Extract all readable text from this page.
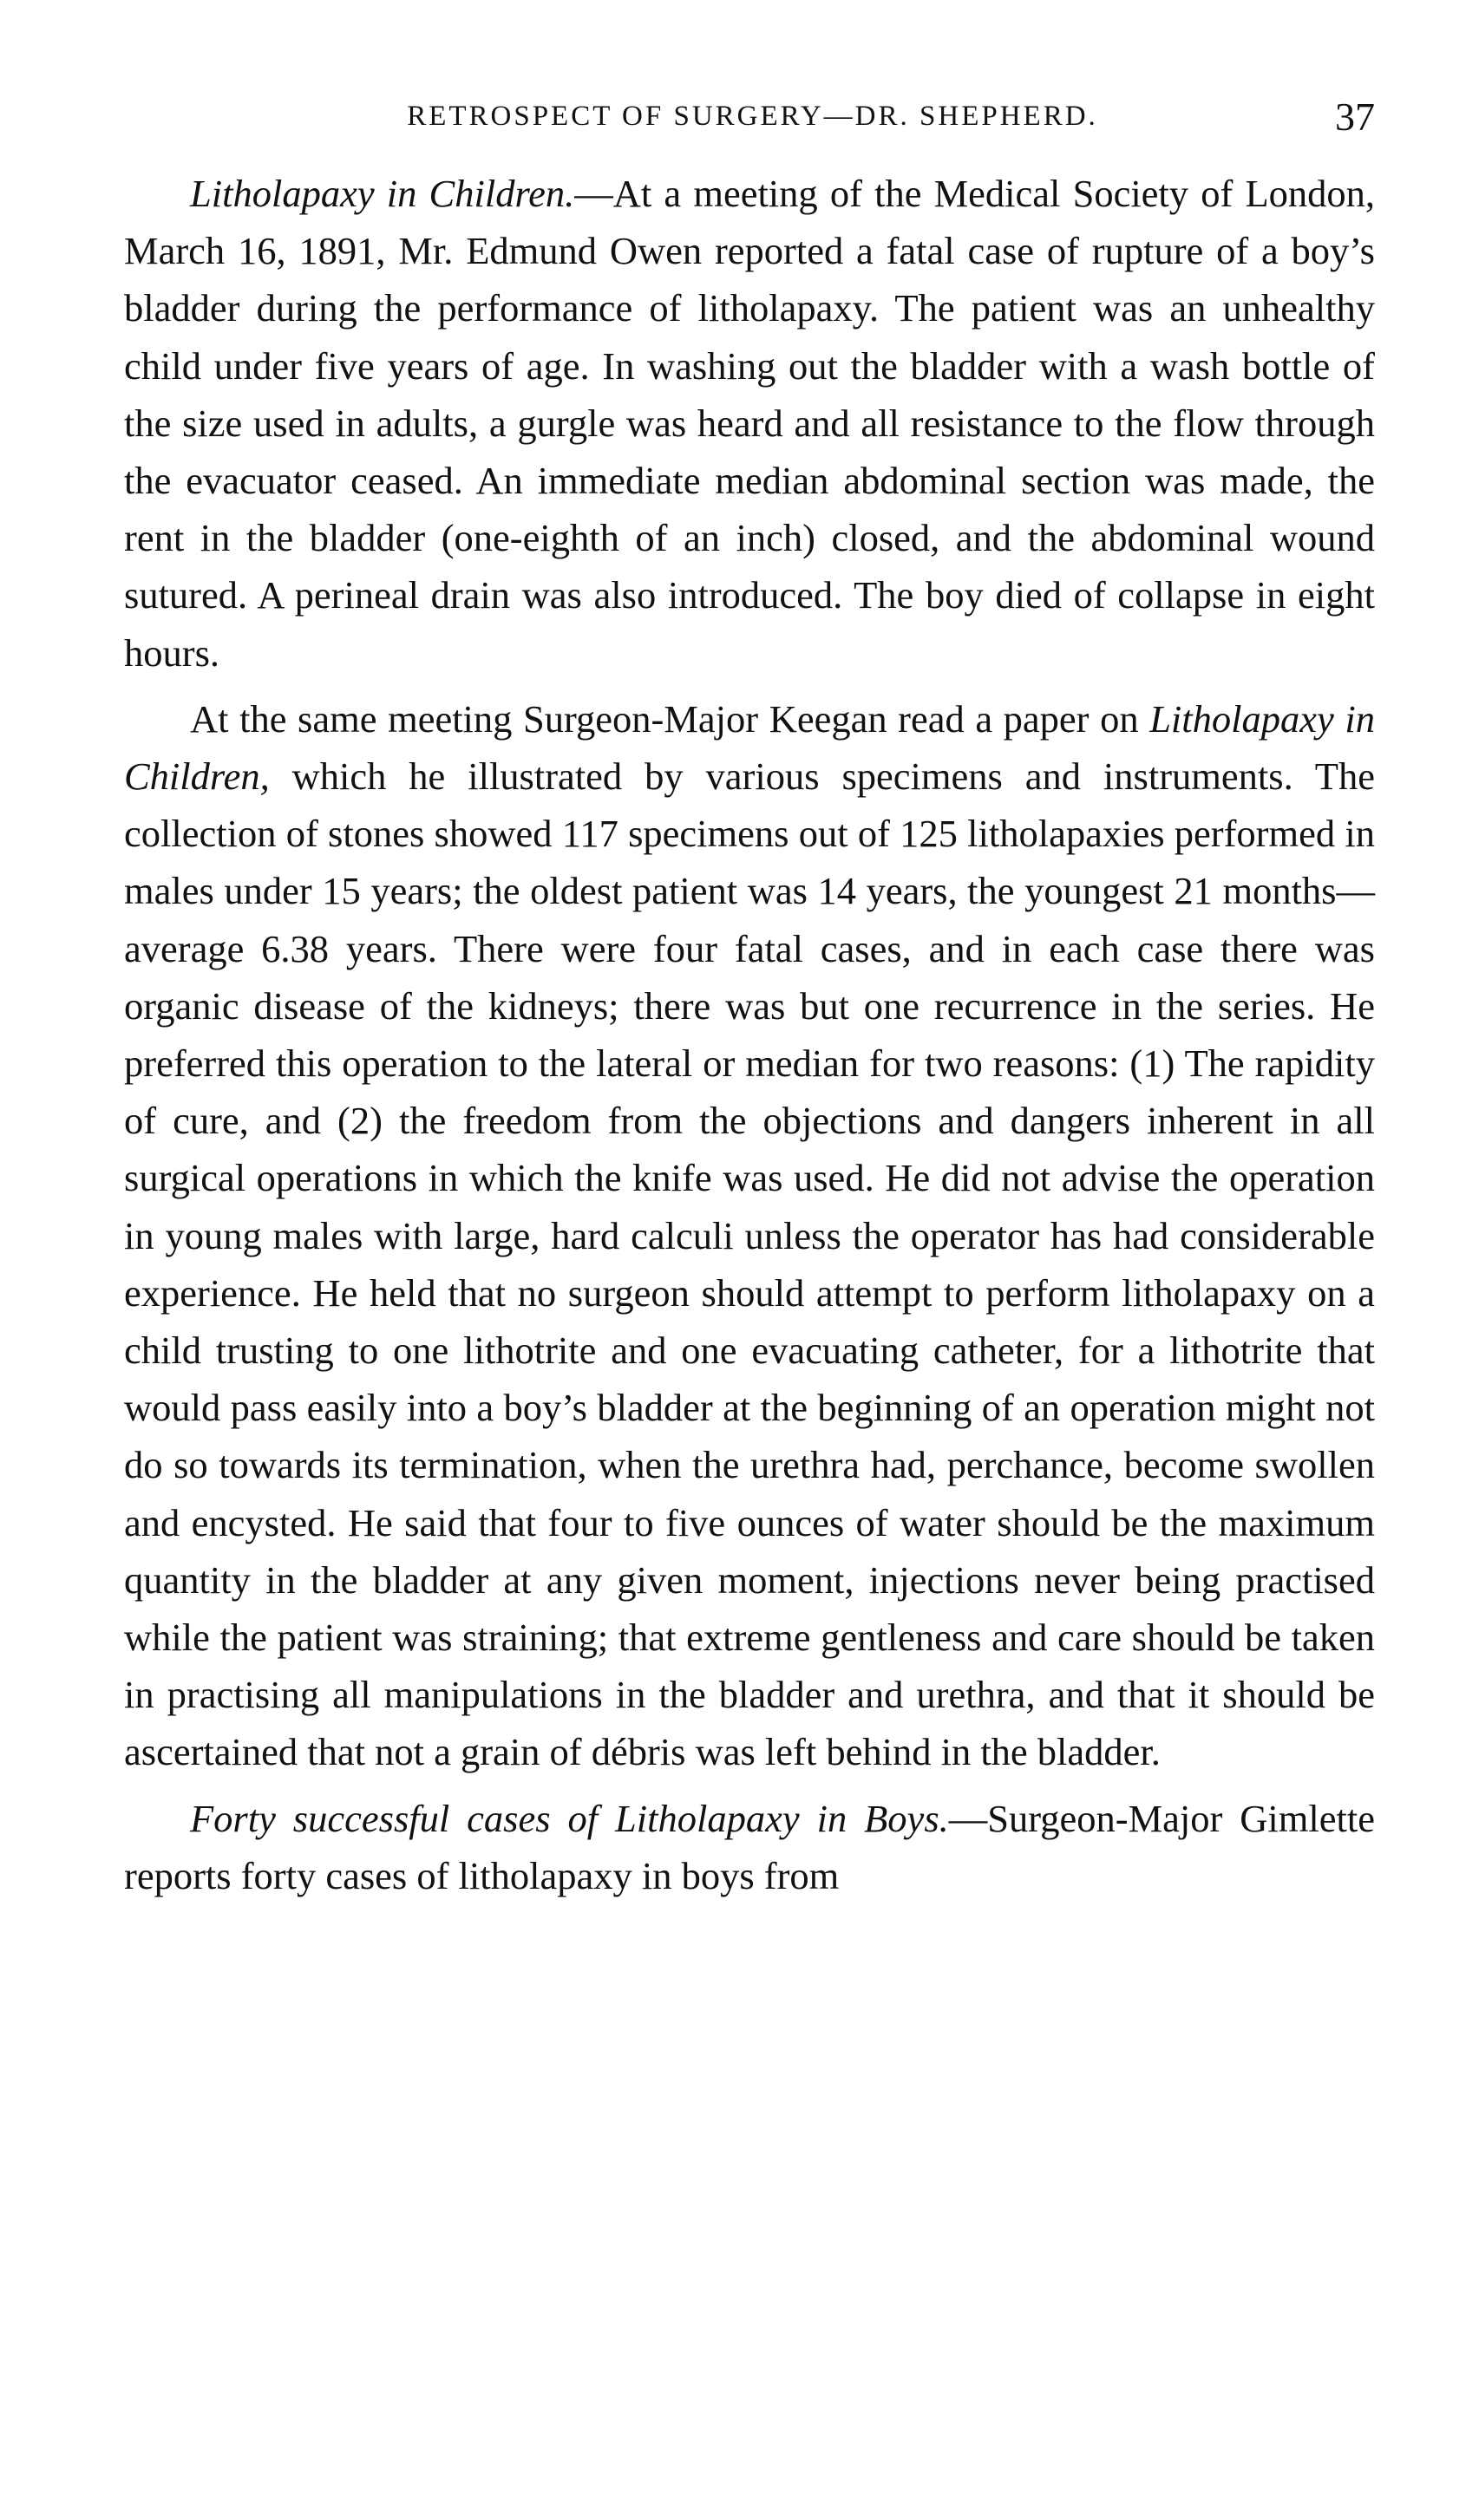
RETROSPECT OF SURGERY—DR. SHEPHERD.	37

Litholapaxy in Children.—At a meeting of the Medical Society of London, March 16, 1891, Mr. Edmund Owen reported a fatal case of rupture of a boy’s bladder during the performance of litholapaxy. The patient was an unhealthy child under five years of age. In washing out the bladder with a wash bottle of the size used in adults, a gurgle was heard and all resistance to the flow through the evacuator ceased. An immediate median abdominal section was made, the rent in the bladder (one-eighth of an inch) closed, and the abdominal wound sutured. A perineal drain was also introduced. The boy died of collapse in eight hours.

At the same meeting Surgeon-Major Keegan read a paper on Litholapaxy in Children, which he illustrated by various specimens and instruments. The collection of stones showed 117 specimens out of 125 litholapaxies performed in males under 15 years; the oldest patient was 14 years, the youngest 21 months—average 6.38 years. There were four fatal cases, and in each case there was organic disease of the kidneys; there was but one recurrence in the series. He preferred this operation to the lateral or median for two reasons: (1) The rapidity of cure, and (2) the freedom from the objections and dangers inherent in all surgical operations in which the knife was used. He did not advise the operation in young males with large, hard calculi unless the operator has had considerable experience. He held that no surgeon should attempt to perform litholapaxy on a child trusting to one lithotrite and one evacuating catheter, for a lithotrite that would pass easily into a boy’s bladder at the beginning of an operation might not do so towards its termination, when the urethra had, perchance, become swollen and encysted. He said that four to five ounces of water should be the maximum quantity in the bladder at any given moment, injections never being practised while the patient was straining; that extreme gentleness and care should be taken in practising all manipulations in the bladder and urethra, and that it should be ascertained that not a grain of débris was left behind in the bladder.

Forty successful cases of Litholapaxy in Boys.—Surgeon-Major Gimlette reports forty cases of litholapaxy in boys from
